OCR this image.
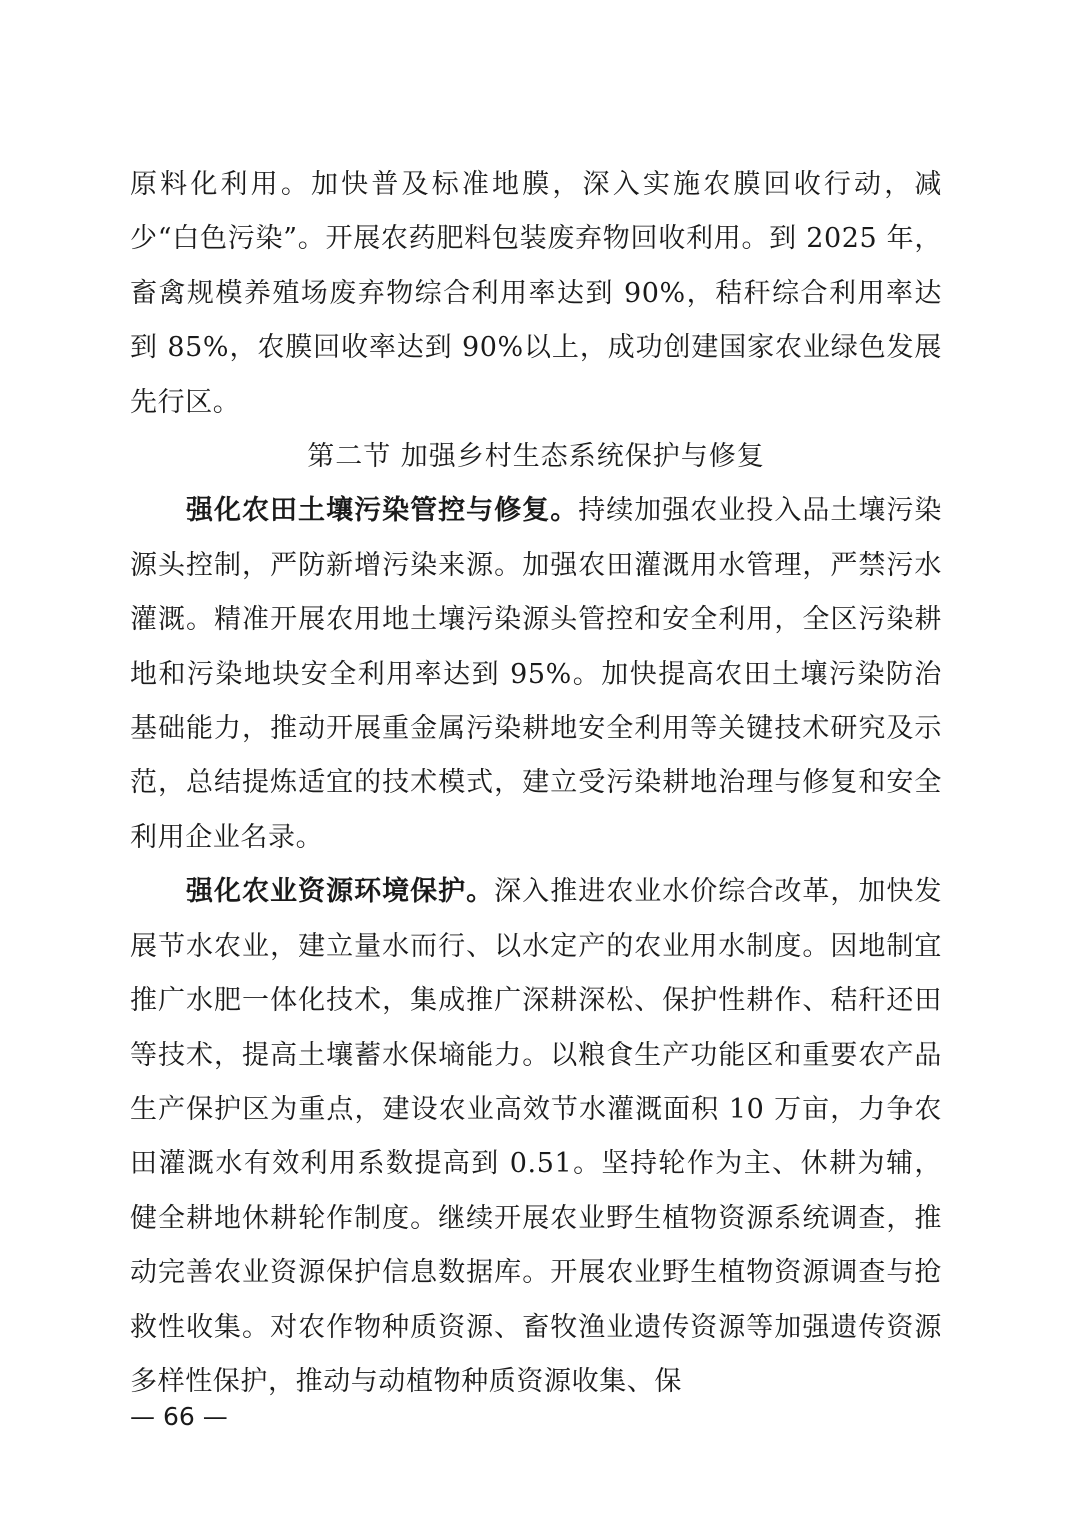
原料化利用。加快普及标准地膜，深入实施农膜回收行动，减少“白色污染”。开展农药肥料包装废弃物回收利用。到 2025 年，畜禽规模养殖场废弃物综合利用率达到 90%，秸秆综合利用率达到 85%，农膜回收率达到 90%以上，成功创建国家农业绿色发展先行区。

第二节 加强乡村生态系统保护与修复

强化农田土壤污染管控与修复。持续加强农业投入品土壤污染源头控制，严防新增污染来源。加强农田灌溉用水管理，严禁污水灌溉。精准开展农用地土壤污染源头管控和安全利用，全区污染耕地和污染地块安全利用率达到 95%。加快提高农田土壤污染防治基础能力，推动开展重金属污染耕地安全利用等关键技术研究及示范，总结提炼适宜的技术模式，建立受污染耕地治理与修复和安全利用企业名录。

强化农业资源环境保护。深入推进农业水价综合改革，加快发展节水农业，建立量水而行、以水定产的农业用水制度。因地制宜推广水肥一体化技术，集成推广深耕深松、保护性耕作、秸秆还田等技术，提高土壤蓄水保墒能力。以粮食生产功能区和重要农产品生产保护区为重点，建设农业高效节水灌溉面积 10 万亩，力争农田灌溉水有效利用系数提高到 0.51。坚持轮作为主、休耕为辅，健全耕地休耕轮作制度。继续开展农业野生植物资源系统调查，推动完善农业资源保护信息数据库。开展农业野生植物资源调查与抢救性收集。对农作物种质资源、畜牧渔业遗传资源等加强遗传资源多样性保护，推动与动植物种质资源收集、保

— 66 —
